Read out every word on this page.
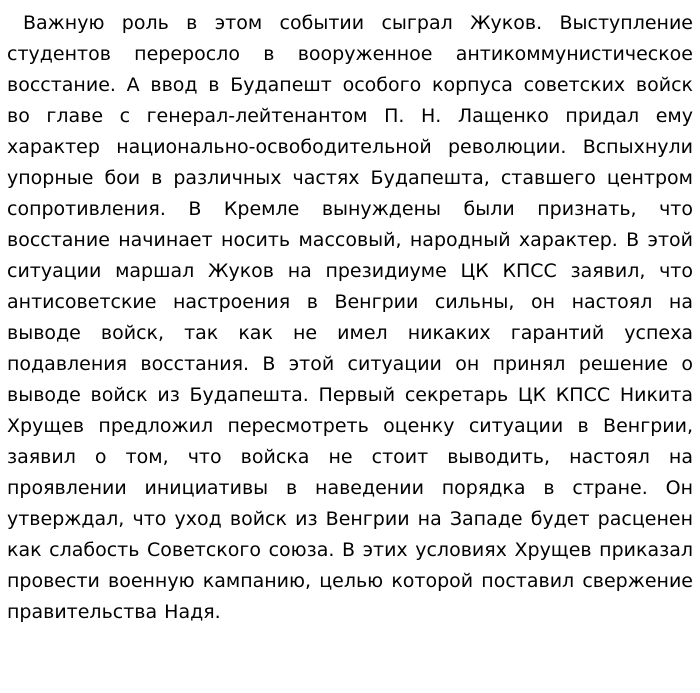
Важную роль в этом событии сыграл Жуков. Выступление студентов переросло в вооруженное антикоммунистическое восстание. А ввод в Будапешт особого корпуса советских войск во главе с генерал-лейтенантом П. Н. Лащенко придал ему характер национально-освободительной революции. Вспыхнули упорные бои в различных частях Будапешта, ставшего центром сопротивления. В Кремле вынуждены были признать, что восстание начинает носить массовый, народный характер. В этой ситуации маршал Жуков на президиуме ЦК КПСС заявил, что антисоветские настроения в Венгрии сильны, он настоял на выводе войск, так как не имел никаких гарантий успеха подавления восстания. В этой ситуации он принял решение о выводе войск из Будапешта. Первый секретарь ЦК КПСС Никита Хрущев предложил пересмотреть оценку ситуации в Венгрии, заявил о том, что войска не стоит выводить, настоял на проявлении инициативы в наведении порядка в стране. Он утверждал, что уход войск из Венгрии на Западе будет расценен как слабость Советского союза. В этих условиях Хрущев приказал провести военную кампанию, целью которой поставил свержение правительства Надя.
